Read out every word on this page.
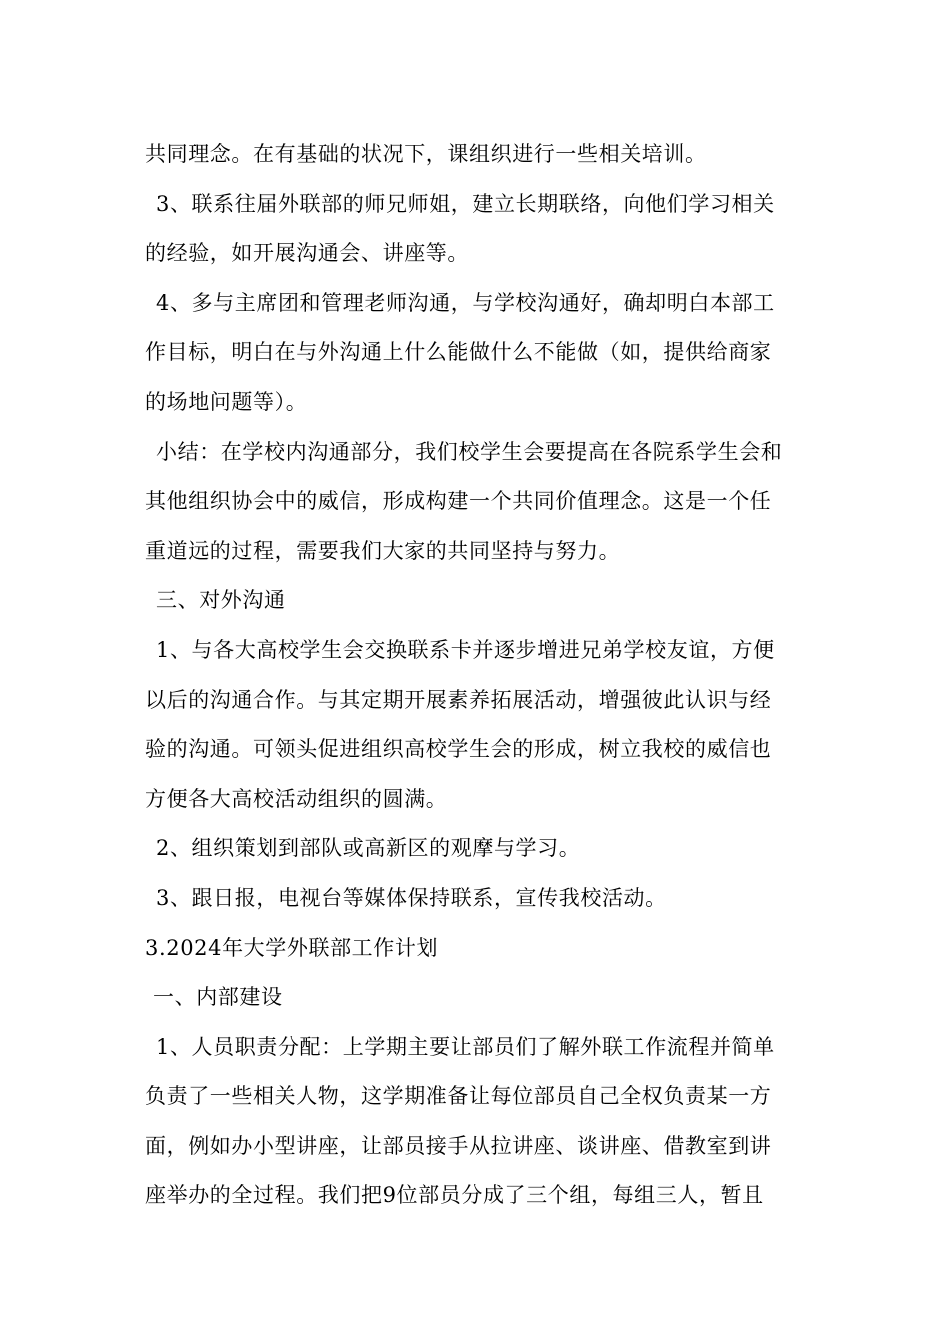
共同理念。在有基础的状况下，课组织进行一些相关培训。
3、联系往届外联部的师兄师姐，建立长期联络，向他们学习相关
的经验，如开展沟通会、讲座等。
4、多与主席团和管理老师沟通，与学校沟通好，确却明白本部工
作目标，明白在与外沟通上什么能做什么不能做（如，提供给商家
的场地问题等）。
小结：在学校内沟通部分，我们校学生会要提高在各院系学生会和
其他组织协会中的威信，形成构建一个共同价值理念。这是一个任
重道远的过程，需要我们大家的共同坚持与努力。
三、对外沟通
1、与各大高校学生会交换联系卡并逐步增进兄弟学校友谊，方便
以后的沟通合作。与其定期开展素养拓展活动，增强彼此认识与经
验的沟通。可领头促进组织高校学生会的形成，树立我校的威信也
方便各大高校活动组织的圆满。
2、组织策划到部队或高新区的观摩与学习。
3、跟日报，电视台等媒体保持联系，宣传我校活动。
3.2024年大学外联部工作计划
一、内部建设
1、人员职责分配：上学期主要让部员们了解外联工作流程并简单
负责了一些相关人物，这学期准备让每位部员自己全权负责某一方
面，例如办小型讲座，让部员接手从拉讲座、谈讲座、借教室到讲
座举办的全过程。我们把9位部员分成了三个组，每组三人，暂且
